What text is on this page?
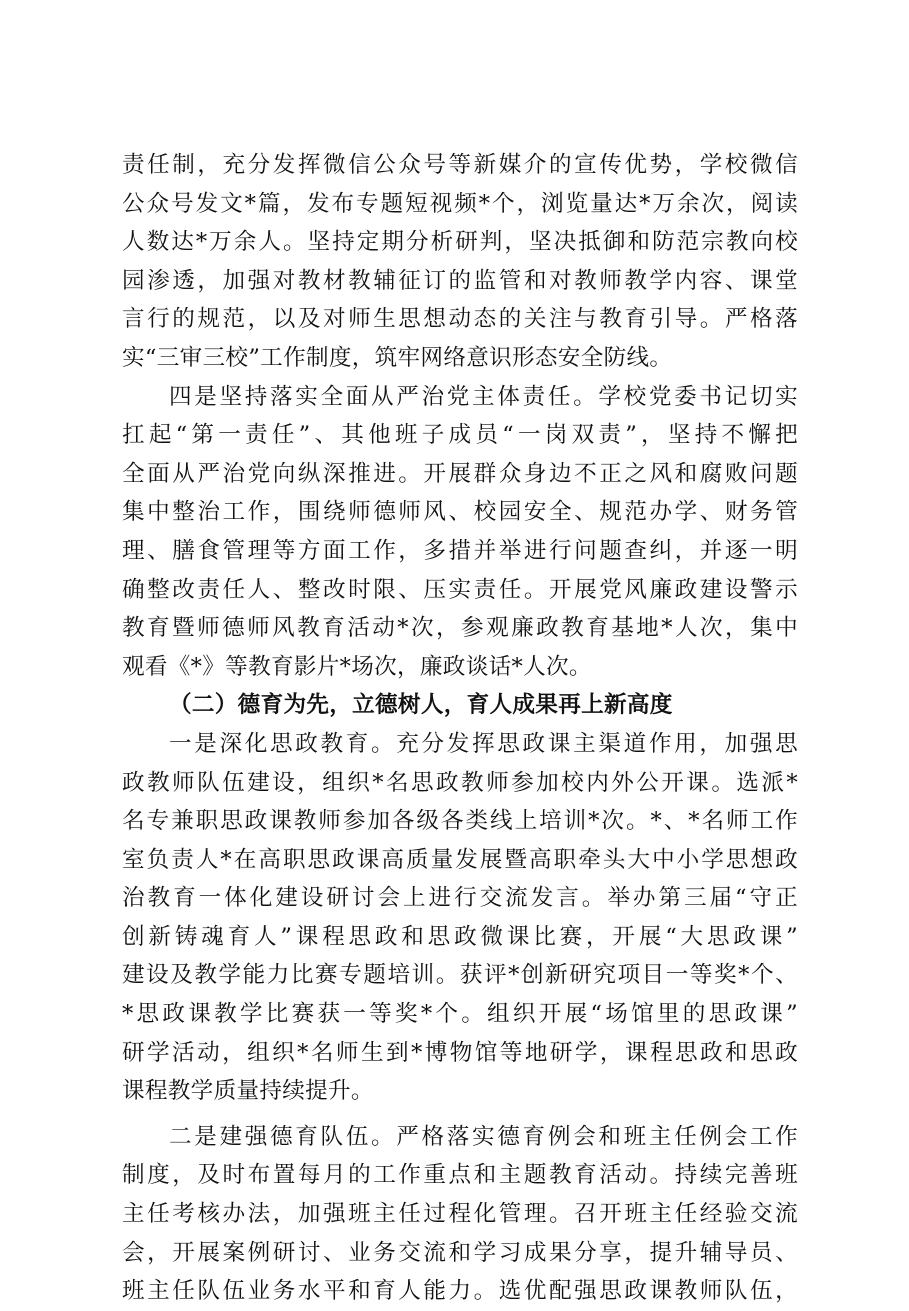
责任制，充分发挥微信公众号等新媒介的宣传优势，学校微信
公众号发文*篇，发布专题短视频*个，浏览量达*万余次，阅读
人数达*万余人。坚持定期分析研判，坚决抵御和防范宗教向校
园渗透，加强对教材教辅征订的监管和对教师教学内容、课堂
言行的规范，以及对师生思想动态的关注与教育引导。严格落
实“三审三校”工作制度，筑牢网络意识形态安全防线。
四是坚持落实全面从严治党主体责任。学校党委书记切实
扛起“第一责任”、其他班子成员“一岗双责”，坚持不懈把
全面从严治党向纵深推进。开展群众身边不正之风和腐败问题
集中整治工作，围绕师德师风、校园安全、规范办学、财务管
理、膳食管理等方面工作，多措并举进行问题查纠，并逐一明
确整改责任人、整改时限、压实责任。开展党风廉政建设警示
教育暨师德师风教育活动*次，参观廉政教育基地*人次，集中
观看《*》等教育影片*场次，廉政谈话*人次。
（二）德育为先，立德树人，育人成果再上新高度
一是深化思政教育。充分发挥思政课主渠道作用，加强思
政教师队伍建设，组织*名思政教师参加校内外公开课。选派*
名专兼职思政课教师参加各级各类线上培训*次。*、*名师工作
室负责人*在高职思政课高质量发展暨高职牵头大中小学思想政
治教育一体化建设研讨会上进行交流发言。举办第三届“守正
创新铸魂育人”课程思政和思政微课比赛，开展“大思政课”
建设及教学能力比赛专题培训。获评*创新研究项目一等奖*个、
*思政课教学比赛获一等奖*个。组织开展“场馆里的思政课”
研学活动，组织*名师生到*博物馆等地研学，课程思政和思政
课程教学质量持续提升。
二是建强德育队伍。严格落实德育例会和班主任例会工作
制度，及时布置每月的工作重点和主题教育活动。持续完善班
主任考核办法，加强班主任过程化管理。召开班主任经验交流
会，开展案例研讨、业务交流和学习成果分享，提升辅导员、
班主任队伍业务水平和育人能力。选优配强思政课教师队伍，
